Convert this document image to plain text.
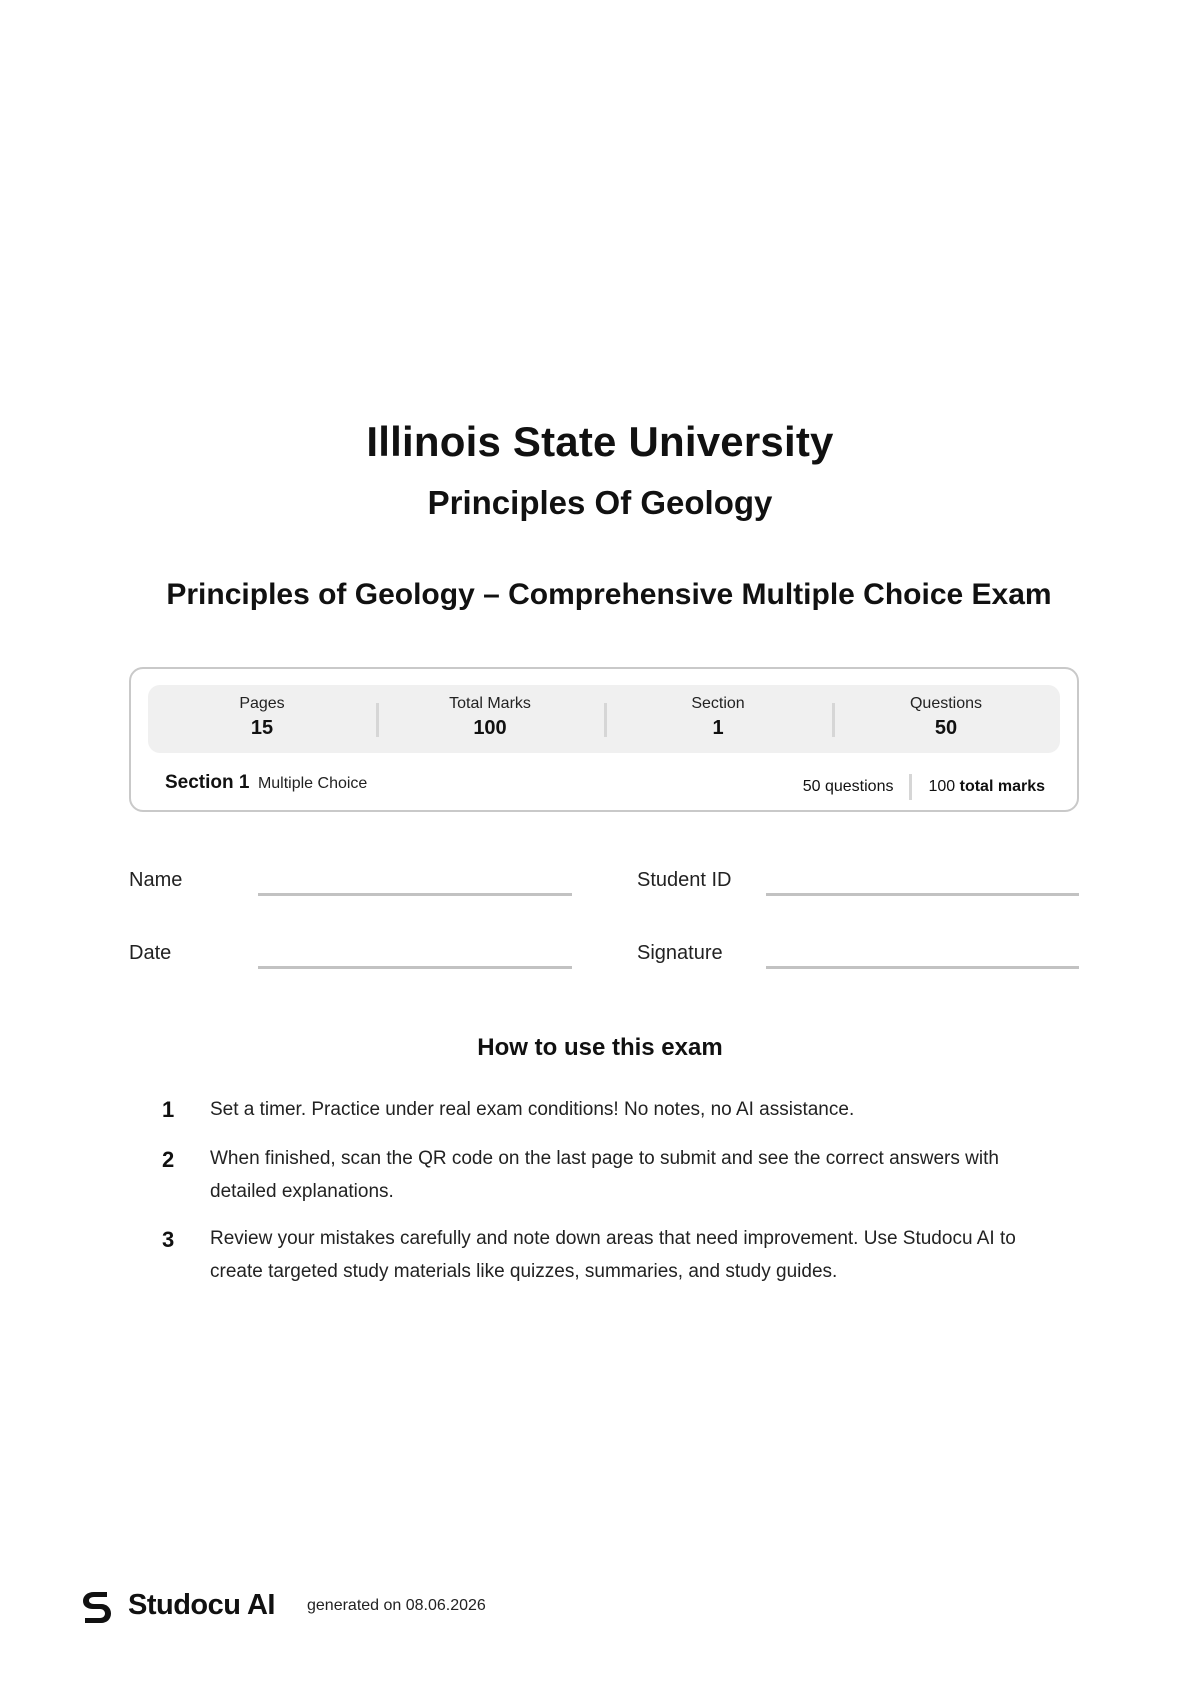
Illinois State University
Principles Of Geology
Principles of Geology – Comprehensive Multiple Choice Exam
Pages
15
Total Marks
100
Section
1
Questions
50
Section 1 Multiple Choice	50 questions 100 total marks
Name	Student ID
Date	Signature
How to use this exam
1 Set a timer. Practice under real exam conditions! No notes, no AI assistance.
2 When finished, scan the QR code on the last page to submit and see the correct answers with detailed explanations.
3 Review your mistakes carefully and note down areas that need improvement. Use Studocu AI to create targeted study materials like quizzes, summaries, and study guides.
Studocu AI generated on 08.06.2026
